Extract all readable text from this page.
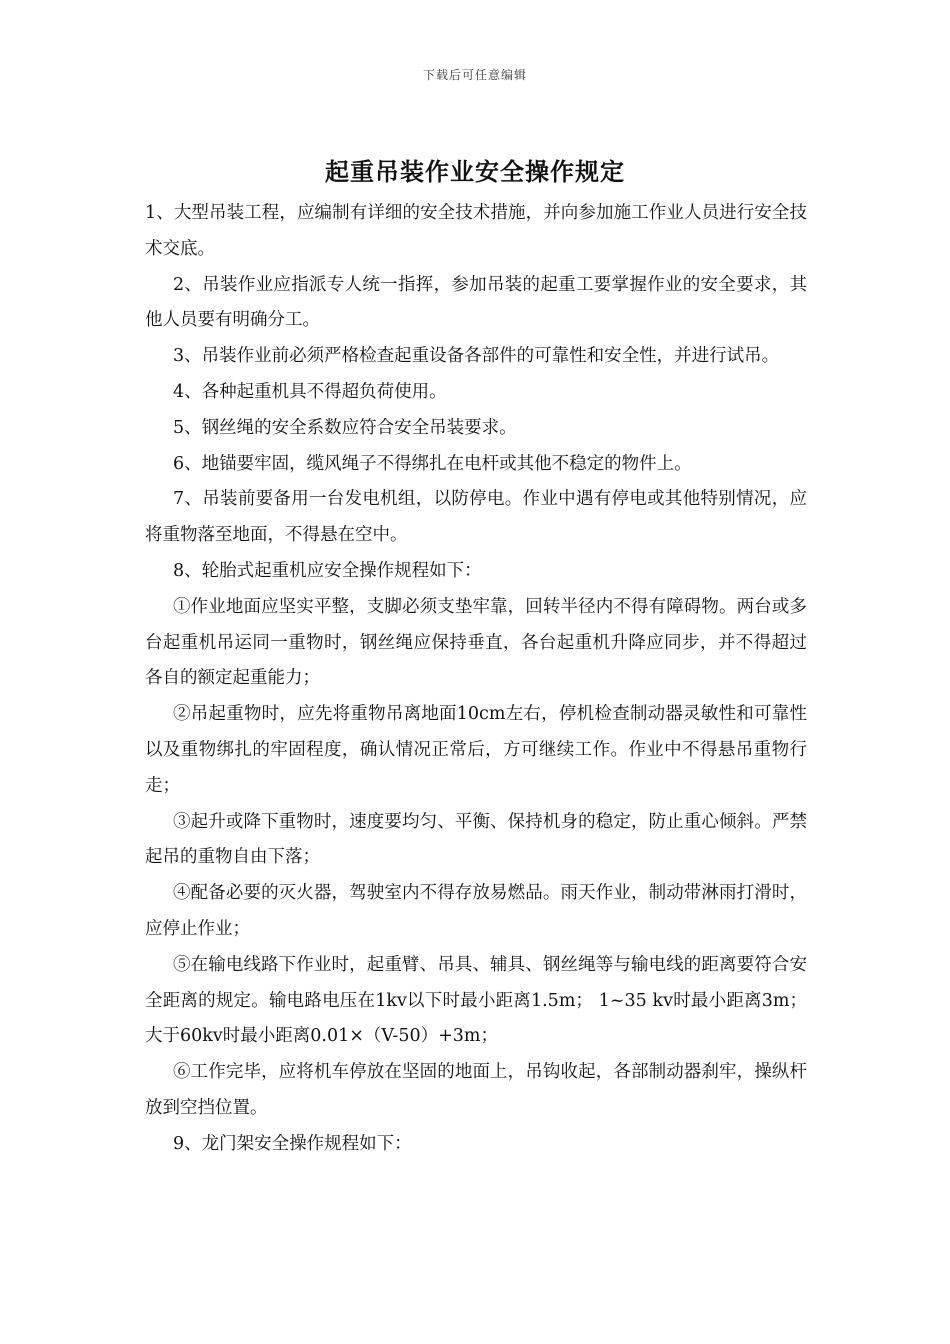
下载后可任意编辑
起重吊装作业安全操作规定

1、大型吊装工程，应编制有详细的安全技术措施，并向参加施工作业人员进行安全技术交底。

2、吊装作业应指派专人统一指挥，参加吊装的起重工要掌握作业的安全要求，其他人员要有明确分工。

3、吊装作业前必须严格检查起重设备各部件的可靠性和安全性，并进行试吊。

4、各种起重机具不得超负荷使用。

5、钢丝绳的安全系数应符合安全吊装要求。

6、地锚要牢固，缆风绳子不得绑扎在电杆或其他不稳定的物件上。

7、吊装前要备用一台发电机组，以防停电。作业中遇有停电或其他特别情况，应将重物落至地面，不得悬在空中。

8、轮胎式起重机应安全操作规程如下：

①作业地面应坚实平整，支脚必须支垫牢靠，回转半径内不得有障碍物。两台或多台起重机吊运同一重物时，钢丝绳应保持垂直，各台起重机升降应同步，并不得超过各自的额定起重能力；

②吊起重物时，应先将重物吊离地面10cm左右，停机检查制动器灵敏性和可靠性以及重物绑扎的牢固程度，确认情况正常后，方可继续工作。作业中不得悬吊重物行走；

③起升或降下重物时，速度要均匀、平衡、保持机身的稳定，防止重心倾斜。严禁起吊的重物自由下落；

④配备必要的灭火器，驾驶室内不得存放易燃品。雨天作业，制动带淋雨打滑时，应停止作业；

⑤在输电线路下作业时，起重臂、吊具、辅具、钢丝绳等与输电线的距离要符合安全距离的规定。输电路电压在1kv以下时最小距离1.5m； 1~35 kv时最小距离3m；大于60kv时最小距离0.01×（V-50）+3m；

⑥工作完毕，应将机车停放在坚固的地面上，吊钩收起，各部制动器刹牢，操纵杆放到空挡位置。

9、龙门架安全操作规程如下：
